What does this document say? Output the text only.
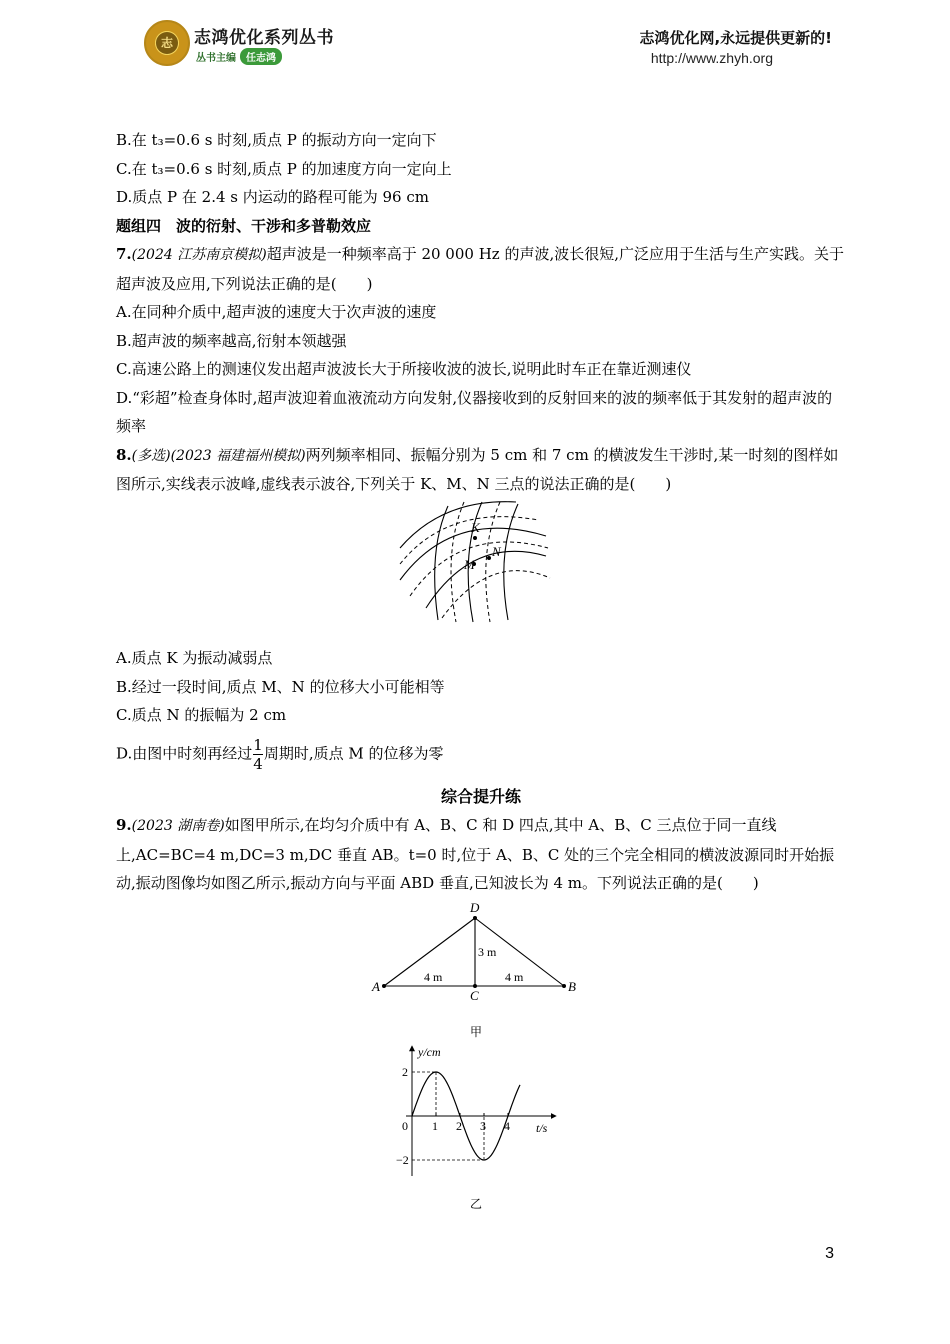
志 志鸿优化系列丛书
丛书主编	任志鸿
志鸿优化网,永远提供更新的!
http://www.zhyh.org
B.在 t₃=0.6 s 时刻,质点 P 的振动方向一定向下
C.在 t₃=0.6 s 时刻,质点 P 的加速度方向一定向上
D.质点 P 在 2.4 s 内运动的路程可能为 96 cm
题组四　波的衍射、干涉和多普勒效应
7.(2024 江苏南京模拟)超声波是一种频率高于 20 000 Hz 的声波,波长很短,广泛应用于生活与生产实践。关于超声波及应用,下列说法正确的是(　　)
A.在同种介质中,超声波的速度大于次声波的速度
B.超声波的频率越高,衍射本领越强
C.高速公路上的测速仪发出超声波波长大于所接收波的波长,说明此时车正在靠近测速仪
D.“彩超”检查身体时,超声波迎着血液流动方向发射,仪器接收到的反射回来的波的频率低于其发射的超声波的频率
8.(多选)(2023 福建福州模拟)两列频率相同、振幅分别为 5 cm 和 7 cm 的横波发生干涉时,某一时刻的图样如图所示,实线表示波峰,虚线表示波谷,下列关于 K、M、N 三点的说法正确的是(　　)
K
N
M
A.质点 K 为振动减弱点
B.经过一段时间,质点 M、N 的位移大小可能相等
C.质点 N 的振幅为 2 cm
D.由图中时刻再经过 $\frac{1}{4}$ 周期时,质点 M 的位移为零
综合提升练
9.(2023 湖南卷)如图甲所示,在均匀介质中有 A、B、C 和 D 四点,其中 A、B、C 三点位于同一直线上,AC=BC=4 m,DC=3 m,DC 垂直 AB。t=0 时,位于 A、B、C 处的三个完全相同的横波波源同时开始振动,振动图像均如图乙所示,振动方向与平面 ABD 垂直,已知波长为 4 m。下列说法正确的是(　　)
A	B
C
D
4 m	4 m
3 m
甲
y/cm
t/s
0 1 2 3 4
2
−2
乙
3
